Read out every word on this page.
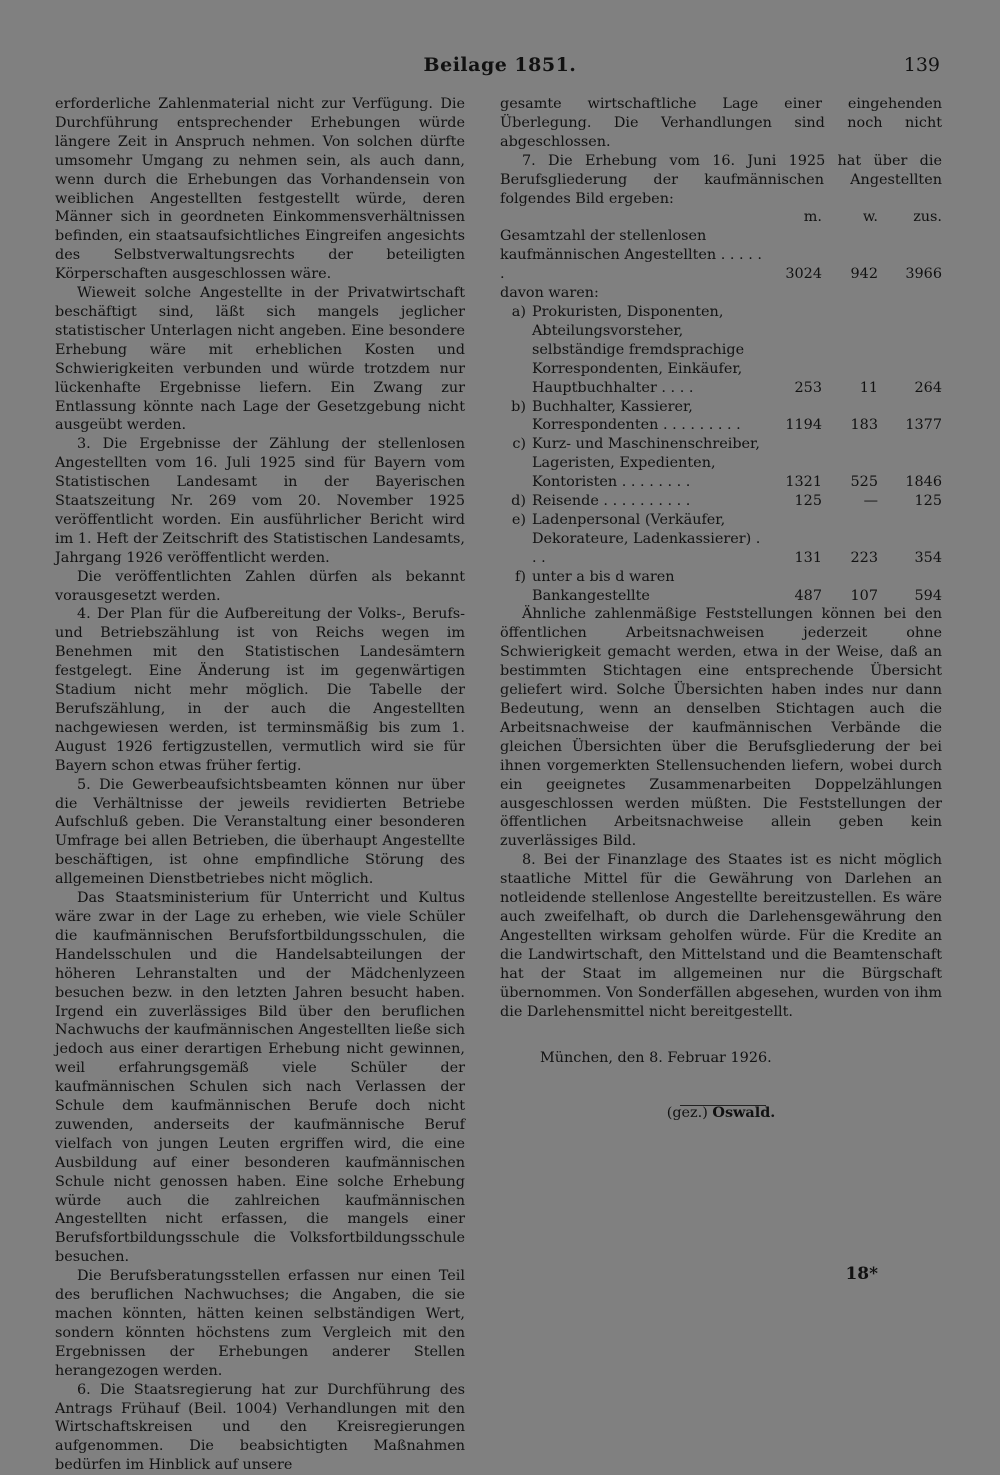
Beilage 1851.	139

erforderliche Zahlenmaterial nicht zur Verfügung. Die Durchführung entsprechender Erhebungen würde längere Zeit in Anspruch nehmen. Von solchen dürfte umsomehr Umgang zu nehmen sein, als auch dann, wenn durch die Erhebungen das Vorhandensein von weiblichen Angestellten festgestellt würde, deren Männer sich in geordneten Einkommensverhältnissen befinden, ein staatsaufsichtliches Eingreifen angesichts des Selbstverwaltungsrechts der beteiligten Körperschaften ausgeschlossen wäre.

Wieweit solche Angestellte in der Privatwirtschaft beschäftigt sind, läßt sich mangels jeglicher statistischer Unterlagen nicht angeben. Eine besondere Erhebung wäre mit erheblichen Kosten und Schwierigkeiten verbunden und würde trotzdem nur lückenhafte Ergebnisse liefern. Ein Zwang zur Entlassung könnte nach Lage der Gesetzgebung nicht ausgeübt werden.

3. Die Ergebnisse der Zählung der stellenlosen Angestellten vom 16. Juli 1925 sind für Bayern vom Statistischen Landesamt in der Bayerischen Staatszeitung Nr. 269 vom 20. November 1925 veröffentlicht worden. Ein ausführlicher Bericht wird im 1. Heft der Zeitschrift des Statistischen Landesamts, Jahrgang 1926 veröffentlicht werden.

Die veröffentlichten Zahlen dürfen als bekannt vorausgesetzt werden.

4. Der Plan für die Aufbereitung der Volks-, Berufs- und Betriebszählung ist von Reichs wegen im Benehmen mit den Statistischen Landesämtern festgelegt. Eine Änderung ist im gegenwärtigen Stadium nicht mehr möglich. Die Tabelle der Berufszählung, in der auch die Angestellten nachgewiesen werden, ist terminsmäßig bis zum 1. August 1926 fertigzustellen, vermutlich wird sie für Bayern schon etwas früher fertig.

5. Die Gewerbeaufsichtsbeamten können nur über die Verhältnisse der jeweils revidierten Betriebe Aufschluß geben. Die Veranstaltung einer besonderen Umfrage bei allen Betrieben, die überhaupt Angestellte beschäftigen, ist ohne empfindliche Störung des allgemeinen Dienstbetriebes nicht möglich.

Das Staatsministerium für Unterricht und Kultus wäre zwar in der Lage zu erheben, wie viele Schüler die kaufmännischen Berufsfortbildungsschulen, die Handelsschulen und die Handelsabteilungen der höheren Lehranstalten und der Mädchenlyzeen besuchen bezw. in den letzten Jahren besucht haben. Irgend ein zuverlässiges Bild über den beruflichen Nachwuchs der kaufmännischen Angestellten ließe sich jedoch aus einer derartigen Erhebung nicht gewinnen, weil erfahrungsgemäß viele Schüler der kaufmännischen Schulen sich nach Verlassen der Schule dem kaufmännischen Berufe doch nicht zuwenden, anderseits der kaufmännische Beruf vielfach von jungen Leuten ergriffen wird, die eine Ausbildung auf einer besonderen kaufmännischen Schule nicht genossen haben. Eine solche Erhebung würde auch die zahlreichen kaufmännischen Angestellten nicht erfassen, die mangels einer Berufsfortbildungsschule die Volksfortbildungsschule besuchen.

Die Berufsberatungsstellen erfassen nur einen Teil des beruflichen Nachwuchses; die Angaben, die sie machen könnten, hätten keinen selbständigen Wert, sondern könnten höchstens zum Vergleich mit den Ergebnissen der Erhebungen anderer Stellen herangezogen werden.

6. Die Staatsregierung hat zur Durchführung des Antrags Frühauf (Beil. 1004) Verhandlungen mit den Wirtschaftskreisen und den Kreisregierungen aufgenommen. Die beabsichtigten Maßnahmen bedürfen im Hinblick auf unsere

gesamte wirtschaftliche Lage einer eingehenden Überlegung. Die Verhandlungen sind noch nicht abgeschlossen.

7. Die Erhebung vom 16. Juni 1925 hat über die Berufsgliederung der kaufmännischen Angestellten folgendes Bild ergeben:

m.	w.	zus.
Gesamtzahl der stellenlosen kaufmännischen Angestellten . . . . . .	3024	942	3966
davon waren:
a) Prokuristen, Disponenten, Abteilungsvorsteher, selbständige fremdsprachige Korrespondenten, Einkäufer, Hauptbuchhalter . . . .	253	11	264
b) Buchhalter, Kassierer, Korrespondenten . . . . . . . . .	1194	183	1377
c) Kurz- und Maschinenschreiber, Lageristen, Expedienten, Kontoristen . . . . . . . .	1321	525	1846
d) Reisende . . . . . . . . . .	125	—	125
e) Ladenpersonal (Verkäufer, Dekorateure, Ladenkassierer) . . .	131	223	354
f) unter a bis d waren Bankangestellte	487	107	594

Ähnliche zahlenmäßige Feststellungen können bei den öffentlichen Arbeitsnachweisen jederzeit ohne Schwierigkeit gemacht werden, etwa in der Weise, daß an bestimmten Stichtagen eine entsprechende Übersicht geliefert wird. Solche Übersichten haben indes nur dann Bedeutung, wenn an denselben Stichtagen auch die Arbeitsnachweise der kaufmännischen Verbände die gleichen Übersichten über die Berufsgliederung der bei ihnen vorgemerkten Stellensuchenden liefern, wobei durch ein geeignetes Zusammenarbeiten Doppelzählungen ausgeschlossen werden müßten. Die Feststellungen der öffentlichen Arbeitsnachweise allein geben kein zuverlässiges Bild.

8. Bei der Finanzlage des Staates ist es nicht möglich staatliche Mittel für die Gewährung von Darlehen an notleidende stellenlose Angestellte bereitzustellen. Es wäre auch zweifelhaft, ob durch die Darlehensgewährung den Angestellten wirksam geholfen würde. Für die Kredite an die Landwirtschaft, den Mittelstand und die Beamtenschaft hat der Staat im allgemeinen nur die Bürgschaft übernommen. Von Sonderfällen abgesehen, wurden von ihm die Darlehensmittel nicht bereitgestellt.

München, den 8. Februar 1926.

(gez.) Oswald.

18*
